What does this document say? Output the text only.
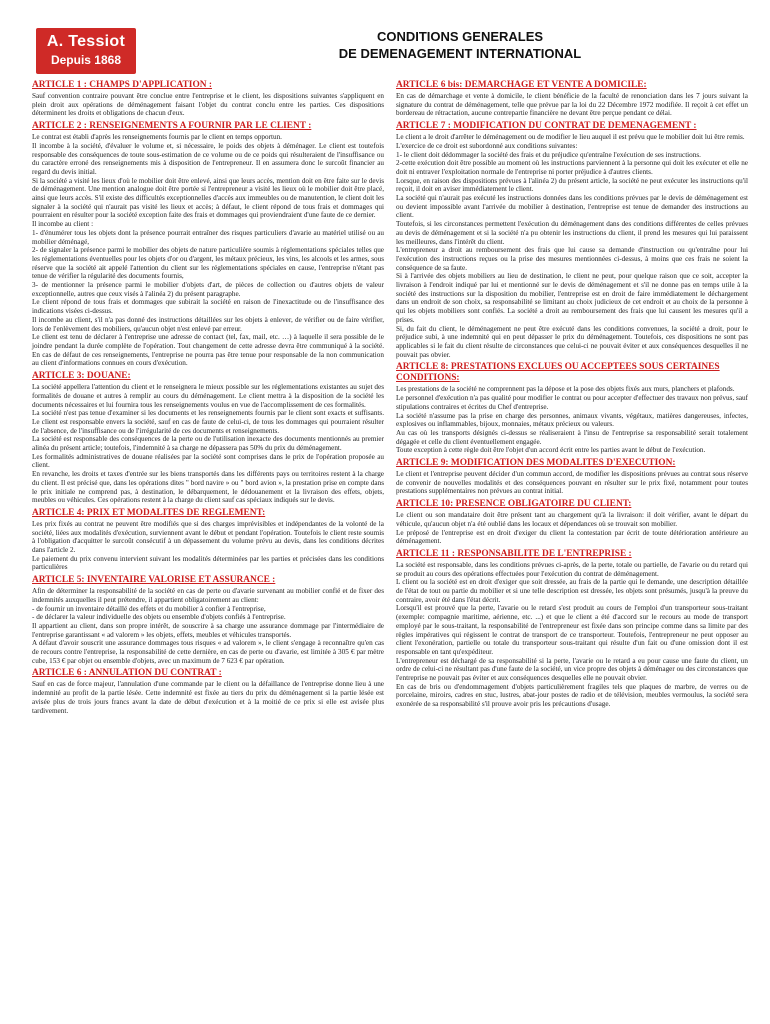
A. Tessiot
Depuis 1868
CONDITIONS GENERALES
DE DEMENAGEMENT INTERNATIONAL
ARTICLE 1 : CHAMPS D'APPLICATION :

Sauf convention contraire pouvant être conclue entre l'entreprise et le client, les dispositions suivantes s'appliquent en plein droit aux opérations de déménagement faisant l'objet du contrat conclu entre les parties. Ces dispositions déterminent les droits et obligations de chacun d'eux.

ARTICLE 2 : RENSEIGNEMENTS A FOURNIR PAR LE CLIENT :

Le contrat est établi d'après les renseignements fournis par le client en temps opportun.

Il incombe à la société, d'évaluer le volume et, si nécessaire, le poids des objets à déménager. Le client est toutefois responsable des conséquences de toute sous-estimation de ce volume ou de ce poids qui résulteraient de l'insuffisance ou du caractère erroné des renseignements mis à disposition de l'entrepreneur. Il en assumera donc le surcoût financier au regard du devis initial.

Si la société a visité les lieux d'où le mobilier doit être enlevé, ainsi que leurs accès, mention doit en être faite sur le devis de déménagement. Une mention analogue doit être portée si l'entrepreneur a visité les lieux où le mobilier doit être placé, ainsi que leurs accès. S'il existe des difficultés exceptionnelles d'accès aux immeubles ou de manutention, le client doit les signaler à la société qui n'aurait pas visité les lieux et accès; à défaut, le client répond de tous frais et dommages qui pourraient en résulter pour la société exception faite des frais et dommages qui proviendraient d'une faute de ce dernier.

Il incombe au client :

1- d'énumérer tous les objets dont la présence pourrait entraîner des risques particuliers d'avarie au matériel utilisé ou au mobilier déménagé,

2- de signaler la présence parmi le mobilier des objets de nature particulière soumis à réglementations spéciales telles que les réglementations éventuelles pour les objets d'or ou d'argent, les métaux précieux, les vins, les alcools et les armes, sous réserve que la société ait appelé l'attention du client sur les réglementations spéciales en cause, l'entreprise n'étant pas tenue de vérifier la régularité des documents fournis,

3- de mentionner la présence parmi le mobilier d'objets d'art, de pièces de collection ou d'autres objets de valeur exceptionnelle, autres que ceux visés à l'alinéa 2) du présent paragraphe.

Le client répond de tous frais et dommages que subirait la société en raison de l'inexactitude ou de l'insuffisance des indications visées ci-dessus.

Il incombe au client, s'il n'a pas donné des instructions détaillées sur les objets à enlever, de vérifier ou de faire vérifier, lors de l'enlèvement des mobiliers, qu'aucun objet n'est enlevé par erreur.

Le client est tenu de déclarer à l'entreprise une adresse de contact (tel, fax, mail, etc. …) à laquelle il sera possible de le joindre pendant la durée complète de l'opération. Tout changement de cette adresse devra être communiqué à la société. En cas de défaut de ces renseignements, l'entreprise ne pourra pas être tenue pour responsable de la non communication au client d'informations connues en cours d'exécution.

ARTICLE 3: DOUANE:

La société appellera l'attention du client et le renseignera le mieux possible sur les réglementations existantes au sujet des formalités de douane et autres à remplir au cours du déménagement. Le client mettra à la disposition de la société les documents nécessaires et lui fournira tous les renseignements voulus en vue de l'accomplissement de ces formalités.

La société n'est pas tenue d'examiner si les documents et les renseignements fournis par le client sont exacts et suffisants. Le client est responsable envers la société, sauf en cas de faute de celui-ci, de tous les dommages qui pourraient résulter de l'absence, de l'insuffisance ou de l'irrégularité de ces documents et renseignements.

La société est responsable des conséquences de la perte ou de l'utilisation inexacte des documents mentionnés au premier alinéa du présent article; toutefois, l'indemnité à sa charge ne dépassera pas 50% du prix du déménagement.

Les formalités administratives de douane réalisées par la société sont comprises dans le prix de l'opération proposée au client.

En revanche, les droits et taxes d'entrée sur les biens transportés dans les différents pays ou territoires restent à la charge du client. Il est précisé que, dans les opérations dites " bord navire » ou " bord avion », la prestation prise en compte dans le prix initiale ne comprend pas, à destination, le débarquement, le dédouanement et la livraison des effets, objets, meubles ou véhicules. Ces opérations restent à la charge du client sauf cas spéciaux indiqués sur le devis.

ARTICLE 4: PRIX ET MODALITES DE REGLEMENT:

Les prix fixés au contrat ne peuvent être modifiés que si des charges imprévisibles et indépendantes de la volonté de la société, liées aux modalités d'exécution, surviennent avant le début et pendant l'opération. Toutefois le client reste soumis à l'obligation d'acquitter le surcoût consécutif à un dépassement du volume prévu au devis, dans les conditions décrites dans l'article 2.

Le paiement du prix convenu intervient suivant les modalités déterminées par les parties et précisées dans les conditions particulières

ARTICLE 5: INVENTAIRE VALORISE ET ASSURANCE :

Afin de déterminer la responsabilité de la société en cas de perte ou d'avarie survenant au mobilier confié et de fixer des indemnités auxquelles il peut prétendre, il appartient obligatoirement au client:

- de fournir un inventaire détaillé des effets et du mobilier à confier à l'entreprise,

- de déclarer la valeur individuelle des objets ou ensemble d'objets confiés à l'entreprise.

Il appartient au client, dans son propre intérêt, de souscrire à sa charge une assurance dommage par l'intermédiaire de l'entreprise garantissant « ad valorem » les objets, effets, meubles et véhicules transportés.

A défaut d'avoir souscrit une assurance dommages tous risques « ad valorem », le client s'engage à reconnaître qu'en cas de recours contre l'entreprise, la responsabilité de cette dernière, en cas de perte ou d'avarie, est limitée à 305 € par mètre cube, 153 € par objet ou ensemble d'objets, avec un maximum de 7 623 € par opération.

ARTICLE 6 : ANNULATION DU CONTRAT :

Sauf en cas de force majeur, l'annulation d'une commande par le client ou la défaillance de l'entreprise donne lieu à une indemnité au profit de la partie lésée. Cette indemnité est fixée au tiers du prix du déménagement si la partie lésée est avisée plus de trois jours francs avant la date de début d'exécution et à la moitié de ce prix si elle est avisée plus tardivement.

ARTICLE 6 bis: DEMARCHAGE ET VENTE A DOMICILE:

En cas de démarchage et vente à domicile, le client bénéficie de la faculté de renonciation dans les 7 jours suivant la signature du contrat de déménagement, telle que prévue par la loi du 22 Décembre 1972 modifiée. Il reçoit à cet effet un bordereau de rétractation, aucune contrepartie financière ne devant être perçue pendant ce délai.

ARTICLE 7 : MODIFICATION DU CONTRAT DE DEMENAGEMENT :

Le client a le droit d'arrêter le déménagement ou de modifier le lieu auquel il est prévu que le mobilier doit lui être remis.

L'exercice de ce droit est subordonné aux conditions suivantes:

1- le client doit dédommager la société des frais et du préjudice qu'entraîne l'exécution de ses instructions.

2-cette exécution doit être possible au moment où les instructions parviennent à la personne qui doit les exécuter et elle ne doit ni entraver l'exploitation normale de l'entreprise ni porter préjudice à d'autres clients.

Lorsque, en raison des dispositions prévues à l'alinéa 2) du présent article, la société ne peut exécuter les instructions qu'il reçoit, il doit en aviser immédiatement le client.

La société qui n'aurait pas exécuté les instructions données dans les conditions prévues par le devis de déménagement est ou devient impossible avant l'arrivée du mobilier à destination, l'entreprise est tenue de demander des instructions au client.

Toutefois, si les circonstances permettent l'exécution du déménagement dans des conditions différentes de celles prévues au devis de déménagement et si la société n'a pu obtenir les instructions du client, il prend les mesures qui lui paraissent les meilleures, dans l'intérêt du client.

L'entrepreneur a droit au remboursement des frais que lui cause sa demande d'instruction ou qu'entraîne pour lui l'exécution des instructions reçues ou la prise des mesures mentionnées ci-dessus, à moins que ces frais ne soient la conséquence de sa faute.

Si à l'arrivée des objets mobiliers au lieu de destination, le client ne peut, pour quelque raison que ce soit, accepter la livraison à l'endroit indiqué par lui et mentionné sur le devis de déménagement et s'il ne donne pas en temps utile à la société des instructions sur la disposition du mobilier, l'entreprise est en droit de faire immédiatement le déchargement dans un endroit de son choix, sa responsabilité se limitant au choix judicieux de cet endroit et au choix de la personne à qui les objets mobiliers sont confiés. La société a droit au remboursement des frais que lui causent les mesures qu'il a prises.

Si, du fait du client, le déménagement ne peut être exécuté dans les conditions convenues, la société a droit, pour le préjudice subi, à une indemnité qui en peut dépasser le prix du déménagement. Toutefois, ces dispositions ne sont pas applicables si le fait du client résulte de circonstances que celui-ci ne pouvait éviter et aux conséquences desquelles il ne pouvait pas obvier.

ARTICLE 8: PRESTATIONS EXCLUES OU ACCEPTEES SOUS CERTAINES CONDITIONS:

Les prestations de la société ne comprennent pas la dépose et la pose des objets fixés aux murs, planchers et plafonds.

Le personnel d'exécution n'a pas qualité pour modifier le contrat ou pour accepter d'effectuer des travaux non prévus, sauf stipulations contraires et écrites du Chef d'entreprise.

La société n'assume pas la prise en charge des personnes, animaux vivants, végétaux, matières dangereuses, infectes, explosives ou inflammables, bijoux, monnaies, métaux précieux ou valeurs.

Au cas où les transports désignés ci-dessus se réaliseraient à l'insu de l'entreprise sa responsabilité serait totalement dégagée et celle du client éventuellement engagée.

Toute exception à cette règle doit être l'objet d'un accord écrit entre les parties avant le début de l'exécution.

ARTICLE 9: MODIFICATION DES MODALITES D'EXECUTION:

Le client et l'entreprise peuvent décider d'un commun accord, de modifier les dispositions prévues au contrat sous réserve de convenir de nouvelles modalités et des conséquences pouvant en résulter sur le prix fixé, notamment pour toutes prestations supplémentaires non prévues au contrat initial.

ARTICLE 10: PRESENCE OBLIGATOIRE DU CLIENT:

Le client ou son mandataire doit être présent tant au chargement qu'à la livraison: il doit vérifier, avant le départ du véhicule, qu'aucun objet n'a été oublié dans les locaux et dépendances où se trouvait son mobilier.

Le préposé de l'entreprise est en droit d'exiger du client la contestation par écrit de toute détérioration antérieure au déménagement.

ARTICLE 11 : RESPONSABILITE DE L'ENTREPRISE :

La société est responsable, dans les conditions prévues ci-après, de la perte, totale ou partielle, de l'avarie ou du retard qui se produit au cours des opérations effectuées pour l'exécution du contrat de déménagement.

L client ou la société est en droit d'exiger que soit dressée, au frais de la partie qui le demande, une description détaillée de l'état de tout ou partie du mobilier et si une telle description est dressée, les objets sont présumés, jusqu'à la preuve du contraire, avoir été dans l'état décrit.

Lorsqu'il est prouvé que la perte, l'avarie ou le retard s'est produit au cours de l'emploi d'un transporteur sous-traitant (exemple: compagnie maritime, aérienne, etc. ...) et que le client a été d'accord sur le recours au mode de transport employé par le sous-traitant, la responsabilité de l'entrepreneur est fixée dans son principe comme dans sa limite par des règles impératives qui régissent le contrat de transport de ce transporteur. Toutefois, l'entrepreneur ne peut opposer au client l'exonération, partielle ou totale du transporteur sous-traitant qui résulte d'un fait ou d'une omission dont il est responsable en tant qu'expéditeur.

L'entrepreneur est déchargé de sa responsabilité si la perte, l'avarie ou le retard a eu pour cause une faute du client, un ordre de celui-ci ne résultant pas d'une faute de la société, un vice propre des objets à déménager ou des circonstances que l'entreprise ne pouvait pas éviter et aux conséquences desquelles elle ne pouvait obvier.

En cas de bris ou d'endommagement d'objets particulièrement fragiles tels que plaques de marbre, de verres ou de porcelaine, miroirs, cadres en stuc, lustres, abat-jour postes de radio et de télévision, meubles vermoulus, la société sera exonérée de sa responsabilité s'il prouve avoir pris les précautions d'usage.
